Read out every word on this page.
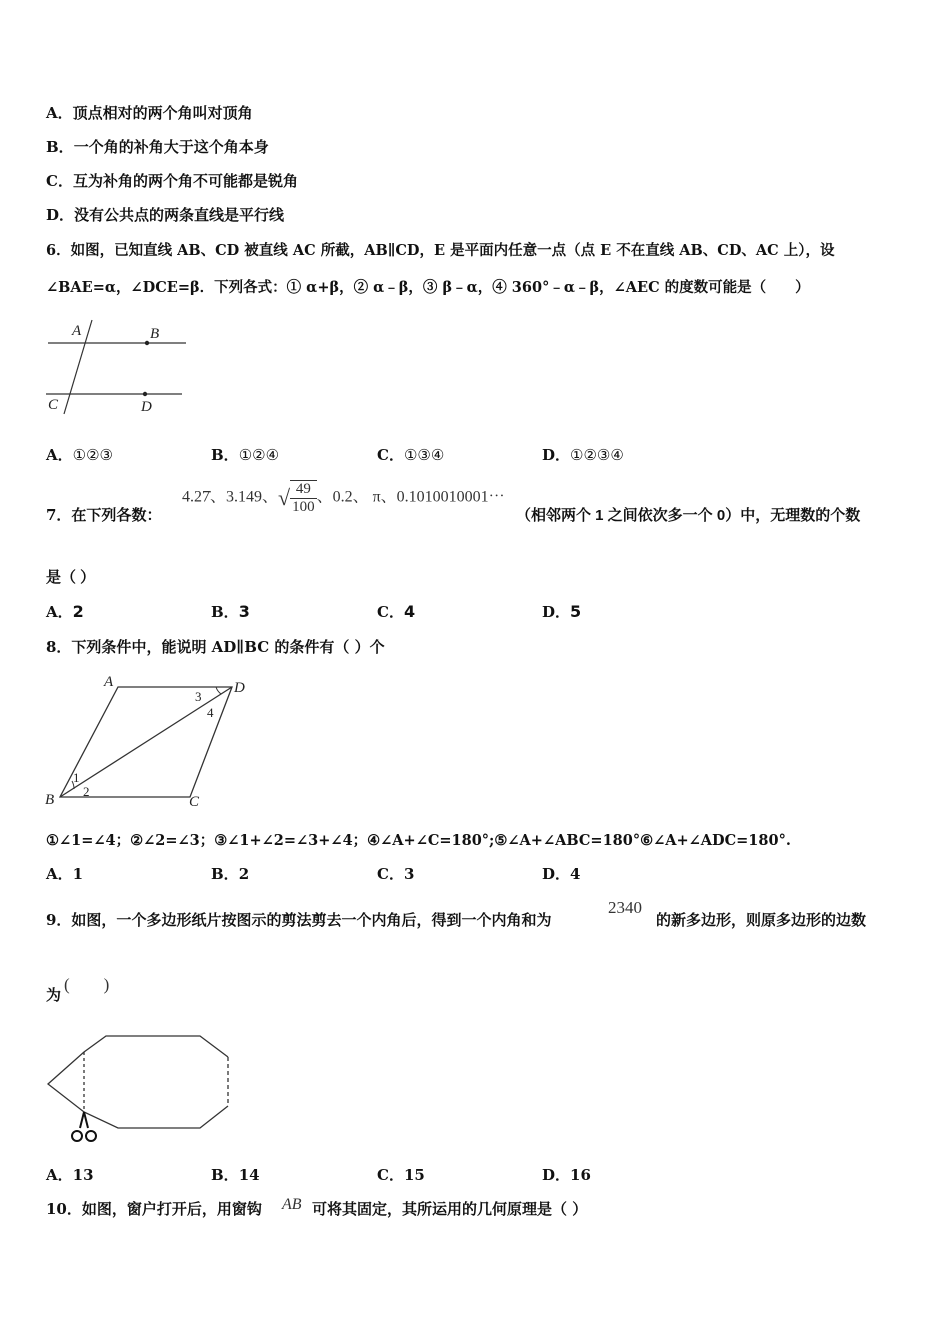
A．顶点相对的两个角叫对顶角
B．一个角的补角大于这个角本身
C．互为补角的两个角不可能都是锐角
D．没有公共点的两条直线是平行线
6．如图，已知直线 AB、CD 被直线 AC 所截，AB∥CD，E 是平面内任意一点（点 E 不在直线 AB、CD、AC 上），设
∠BAE=α，∠DCE=β．下列各式：① α+β，② α﹣β，③ β﹣α，④ 360°﹣α﹣β，∠AEC 的度数可能是（　　）
A	B
C	D
A．①②③	B．①②④	C．①③④	D．①②③④
7．在下列各数：
4.27̇、3.149、√ $\frac{49}{100}$ 、0.2、 π、0.1010010001⋯
（相邻两个 1 之间依次多一个 0）中，无理数的个数
是（ ）
A．2	B．3	C．4	D．5
8．下列条件中，能说明 AD∥BC 的条件有（ ）个
A	D
B	C
1
2
3
4
①∠1=∠4；②∠2=∠3；③∠1+∠2=∠3+∠4；④∠A+∠C=180°;⑤∠A+∠ABC=180°⑥∠A+∠ADC=180°.
A．1	B．2	C．3	D．4
9．如图，一个多边形纸片按图示的剪法剪去一个内角后，得到一个内角和为
2340
的新多边形，则原多边形的边数
为
(　　)
A．13	B．14	C．15	D．16
10．如图，窗户打开后，用窗钩 AB 可将其固定，其所运用的几何原理是（ ）
